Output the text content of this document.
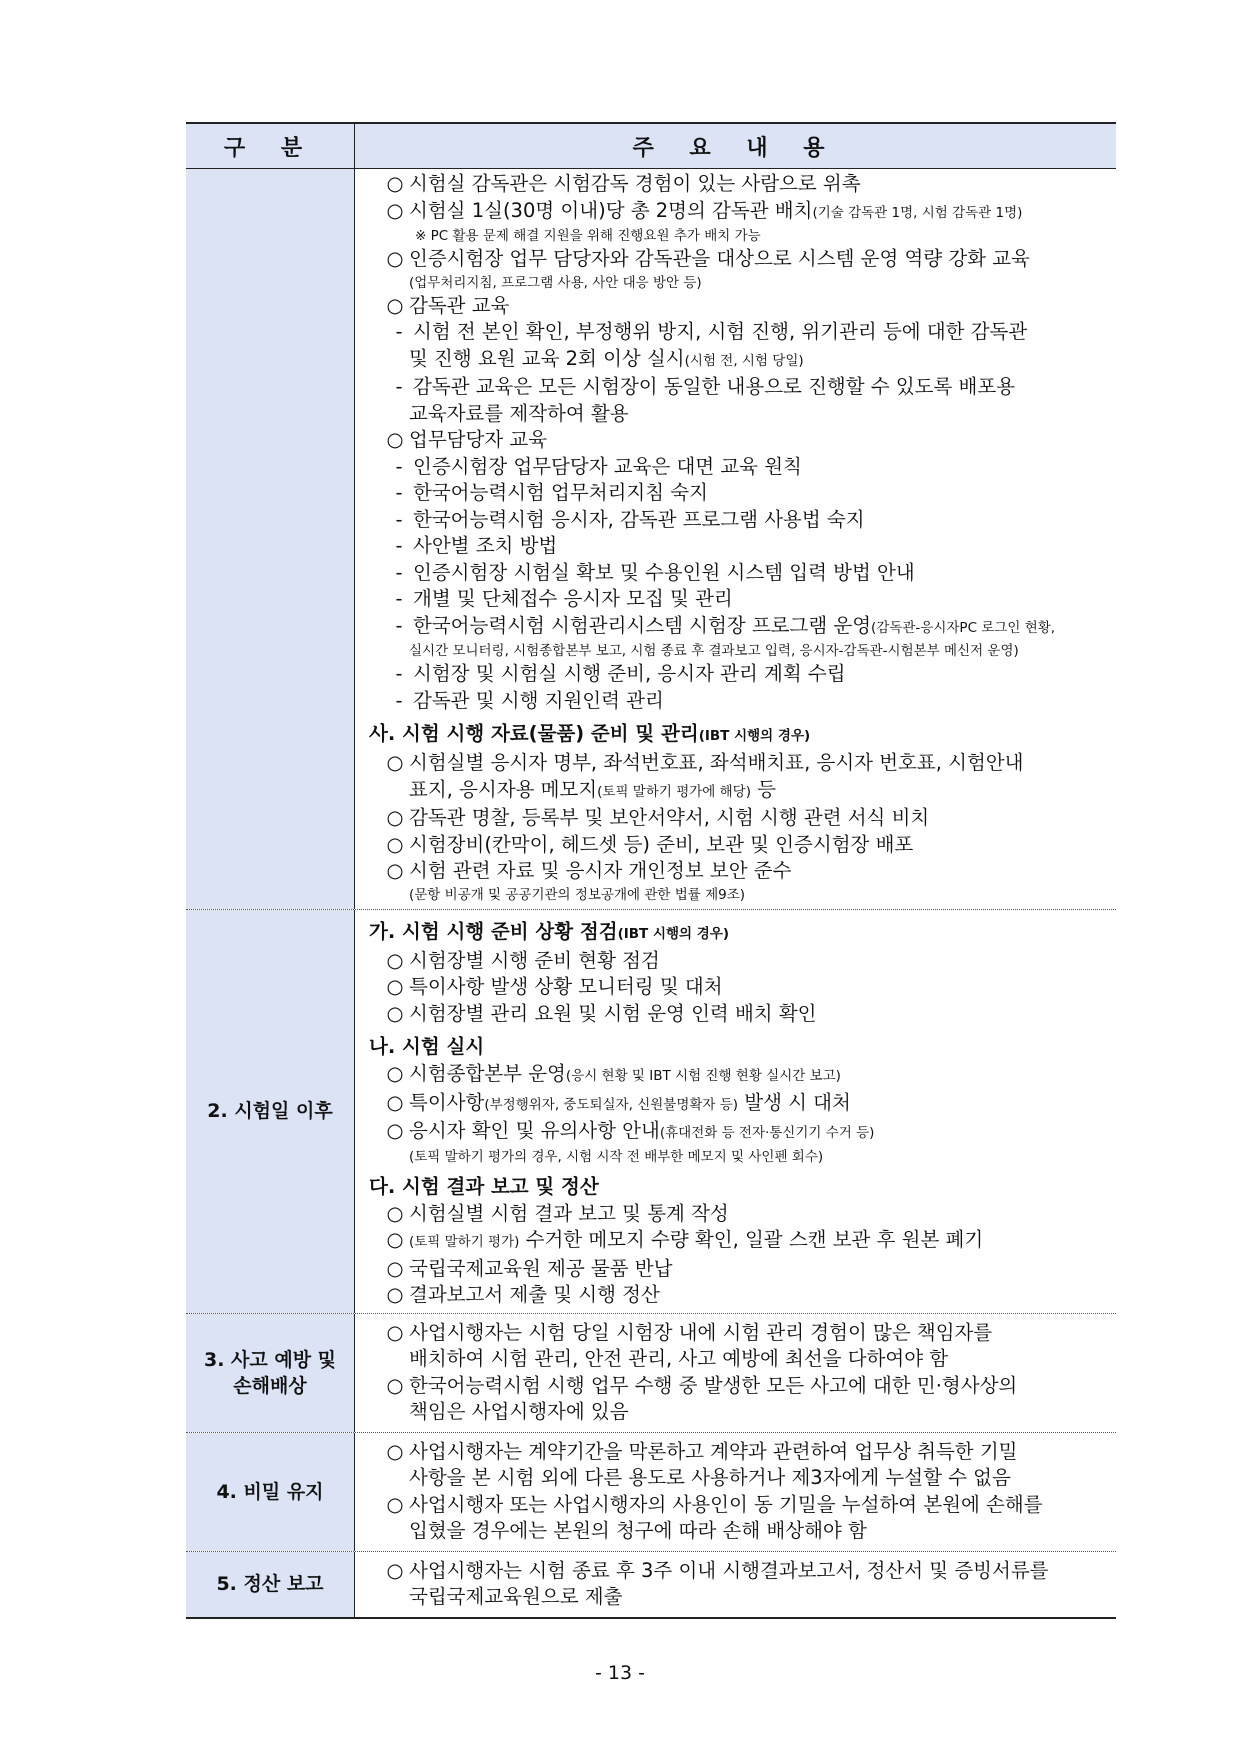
구 분	주 요 내 용
○ 시험실 감독관은 시험감독 경험이 있는 사람으로 위촉
○ 시험실 1실(30명 이내)당 총 2명의 감독관 배치(기술 감독관 1명, 시험 감독관 1명)
※ PC 활용 문제 해결 지원을 위해 진행요원 추가 배치 가능
○ 인증시험장 업무 담당자와 감독관을 대상으로 시스템 운영 역량 강화 교육
(업무처리지침, 프로그램 사용, 사안 대응 방안 등)
○ 감독관 교육
- 시험 전 본인 확인, 부정행위 방지, 시험 진행, 위기관리 등에 대한 감독관
및 진행 요원 교육 2회 이상 실시(시험 전, 시험 당일)
- 감독관 교육은 모든 시험장이 동일한 내용으로 진행할 수 있도록 배포용
교육자료를 제작하여 활용
○ 업무담당자 교육
- 인증시험장 업무담당자 교육은 대면 교육 원칙
- 한국어능력시험 업무처리지침 숙지
- 한국어능력시험 응시자, 감독관 프로그램 사용법 숙지
- 사안별 조치 방법
- 인증시험장 시험실 확보 및 수용인원 시스템 입력 방법 안내
- 개별 및 단체접수 응시자 모집 및 관리
- 한국어능력시험 시험관리시스템 시험장 프로그램 운영(감독관-응시자PC 로그인 현황,
실시간 모니터링, 시험종합본부 보고, 시험 종료 후 결과보고 입력, 응시자-감독관-시험본부 메신저 운영)
- 시험장 및 시험실 시행 준비, 응시자 관리 계획 수립
- 감독관 및 시행 지원인력 관리
사. 시험 시행 자료(물품) 준비 및 관리(IBT 시행의 경우)
○ 시험실별 응시자 명부, 좌석번호표, 좌석배치표, 응시자 번호표, 시험안내
표지, 응시자용 메모지(토픽 말하기 평가에 해당) 등
○ 감독관 명찰, 등록부 및 보안서약서, 시험 시행 관련 서식 비치
○ 시험장비(칸막이, 헤드셋 등) 준비, 보관 및 인증시험장 배포
○ 시험 관련 자료 및 응시자 개인정보 보안 준수
(문항 비공개 및 공공기관의 정보공개에 관한 법률 제9조)
2. 시험일 이후
가. 시험 시행 준비 상황 점검(IBT 시행의 경우)
○ 시험장별 시행 준비 현황 점검
○ 특이사항 발생 상황 모니터링 및 대처
○ 시험장별 관리 요원 및 시험 운영 인력 배치 확인
나. 시험 실시
○ 시험종합본부 운영(응시 현황 및 IBT 시험 진행 현황 실시간 보고)
○ 특이사항(부정행위자, 중도퇴실자, 신원불명확자 등) 발생 시 대처
○ 응시자 확인 및 유의사항 안내(휴대전화 등 전자·통신기기 수거 등)
(토픽 말하기 평가의 경우, 시험 시작 전 배부한 메모지 및 사인펜 회수)
다. 시험 결과 보고 및 정산
○ 시험실별 시험 결과 보고 및 통계 작성
○ (토픽 말하기 평가) 수거한 메모지 수량 확인, 일괄 스캔 보관 후 원본 폐기
○ 국립국제교육원 제공 물품 반납
○ 결과보고서 제출 및 시행 정산
3. 사고 예방 및
손해배상
○ 사업시행자는 시험 당일 시험장 내에 시험 관리 경험이 많은 책임자를
배치하여 시험 관리, 안전 관리, 사고 예방에 최선을 다하여야 함
○ 한국어능력시험 시행 업무 수행 중 발생한 모든 사고에 대한 민·형사상의
책임은 사업시행자에 있음
4. 비밀 유지
○ 사업시행자는 계약기간을 막론하고 계약과 관련하여 업무상 취득한 기밀
사항을 본 시험 외에 다른 용도로 사용하거나 제3자에게 누설할 수 없음
○ 사업시행자 또는 사업시행자의 사용인이 동 기밀을 누설하여 본원에 손해를
입혔을 경우에는 본원의 청구에 따라 손해 배상해야 함
5. 정산 보고
○ 사업시행자는 시험 종료 후 3주 이내 시행결과보고서, 정산서 및 증빙서류를
국립국제교육원으로 제출
- 13 -
